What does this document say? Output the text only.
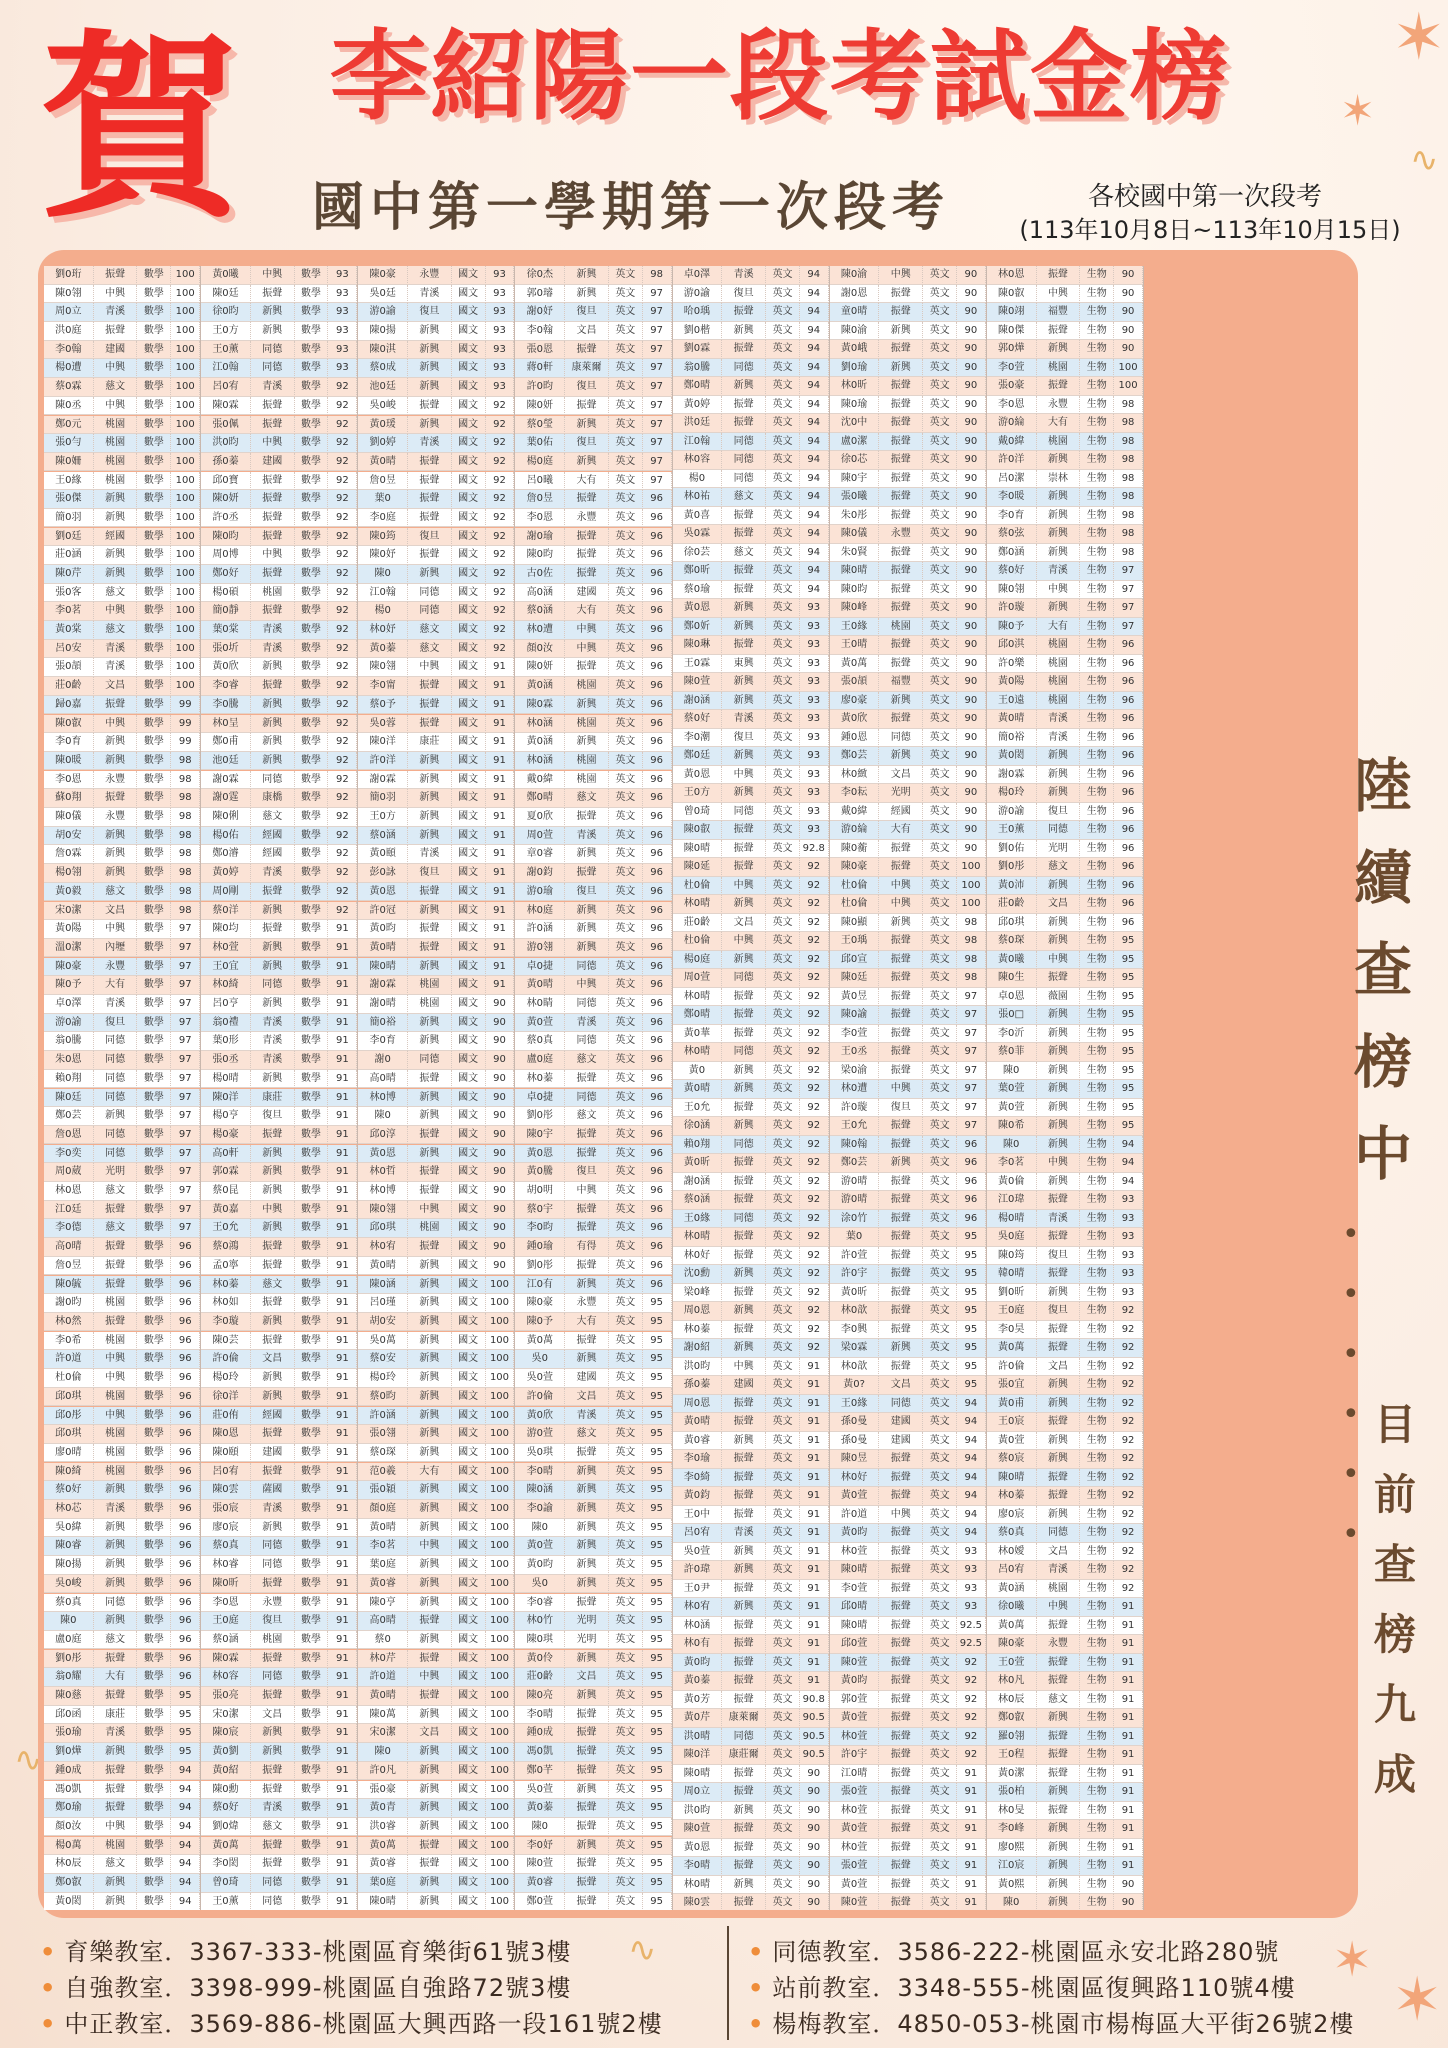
✶
✶
∿
∿
✶
✶
∿
賀 李紹陽一段考試金榜
國中第一學期第一次段考	各校國中第一次段考
(113年10月8日~113年10月15日)
劉0珩	振聲	數學	100
陳0翎	中興	數學	100
周0立	青溪	數學	100
洪0庭	振聲	數學	100
李0翰	建國	數學	100
楊0遭	中興	數學	100
蔡0霖	慈文	數學	100
陳0丞	中興	數學	100
鄭0元	桃園	數學	100
張0勻	桃園	數學	100
陳0姍	桃園	數學	100
王0緣	桃園	數學	100
張0傑	新興	數學	100
簡0羽	新興	數學	100
劉0廷	經國	數學	100
莊0涵	新興	數學	100
陳0芹	新興	數學	100
張0客	慈文	數學	100
李0茗	中興	數學	100
黃0棠	慈文	數學	100
呂0安	青溪	數學	100
張0頡	青溪	數學	100
莊0齡	文昌	數學	100
歸0嘉	振聲	數學	99
陳0叡	中興	數學	99
李0育	新興	數學	99
陳0暖	新興	數學	98
李0恩	永豐	數學	98
蘇0翔	振聲	數學	98
陳0儀	永豐	數學	98
胡0安	新興	數學	98
詹0霖	新興	數學	98
楊0翎	新興	數學	98
黃0毅	慈文	數學	98
宋0潔	文昌	數學	98
黃0陽	中興	數學	97
溫0潔	內壢	數學	97
陳0豪	永豐	數學	97
陳0予	大有	數學	97
卓0澤	青溪	數學	97
游0諭	復旦	數學	97
翁0騰	同德	數學	97
朱0恩	同德	數學	97
賴0翔	同德	數學	97
陳0廷	同德	數學	97
鄭0芸	新興	數學	97
詹0恩	同德	數學	97
李0奕	同德	數學	97
周0葳	光明	數學	97
林0恩	慈文	數學	97
江0廷	振聲	數學	97
李0德	慈文	數學	97
高0晴	振聲	數學	96
詹0昱	振聲	數學	96
陳0毓	振聲	數學	96
謝0昀	桃園	數學	96
林0然	振聲	數學	96
李0希	桃園	數學	96
許0道	中興	數學	96
杜0倫	中興	數學	96
邱0琪	桃園	數學	96
邱0彤	中興	數學	96
邱0琪	桃園	數學	96
廖0晴	桃園	數學	96
陳0綺	桃園	數學	96
蔡0好	新興	數學	96
林0芯	青溪	數學	96
吳0緯	新興	數學	96
陳0睿	新興	數學	96
陳0揚	新興	數學	96
吳0峻	新興	數學	96
蔡0真	同德	數學	96
陳0	新興	數學	96
盧0庭	慈文	數學	96
劉0彤	振聲	數學	96
翁0耀	大有	數學	96
陳0慈	振聲	數學	95
邱0函	康莊	數學	95
張0瑜	青溪	數學	95
劉0燁	新興	數學	95
鍾0成	振聲	數學	94
馮0凱	振聲	數學	94
鄭0瑜	振聲	數學	94
顏0汝	中興	數學	94
楊0萬	桃園	數學	94
林0辰	慈文	數學	94
鄭0叡	新興	數學	94
黃0閎	新興	數學	94
黃0曦	中興	數學	93
陳0廷	振聲	數學	93
徐0昀	新興	數學	93
王0方	新興	數學	93
王0薰	同德	數學	93
江0翰	同德	數學	93
呂0宥	青溪	數學	92
陳0霖	振聲	數學	92
張0佩	振聲	數學	92
洪0昀	中興	數學	92
孫0蓁	建國	數學	92
邱0寶	振聲	數學	92
陳0妍	振聲	數學	92
許0丞	振聲	數學	92
陳0昀	振聲	數學	92
周0博	中興	數學	92
鄭0好	振聲	數學	92
楊0碩	桃園	數學	92
簡0靜	振聲	數學	92
葉0棠	青溪	數學	92
張0圻	青溪	數學	92
黃0欣	新興	數學	92
李0睿	振聲	數學	92
李0騰	新興	數學	92
林0呈	新興	數學	92
鄭0甫	新興	數學	92
池0廷	新興	數學	92
謝0霖	同德	數學	92
謝0霆	康橋	數學	92
陳0俐	慈文	數學	92
楊0佑	經國	數學	92
鄭0濬	經國	數學	92
黃0婷	青溪	數學	92
周0剛	振聲	數學	92
蔡0洋	新興	數學	92
陳0均	振聲	數學	91
林0萱	新興	數學	91
王0宜	新興	數學	91
林0綺	同德	數學	91
呂0亨	新興	數學	91
翁0禮	青溪	數學	91
葉0形	青溪	數學	91
張0丞	青溪	數學	91
楊0晴	新興	數學	91
陳0洋	康莊	數學	91
楊0亨	復旦	數學	91
楊0豪	振聲	數學	91
高0軒	新興	數學	91
郭0霖	新興	數學	91
蔡0昆	新興	數學	91
黃0嘉	中興	數學	91
王0允	新興	數學	91
蔡0鴻	振聲	數學	91
孟0寧	振聲	數學	91
林0蓁	慈文	數學	91
林0如	振聲	數學	91
李0璇	新興	數學	91
陳0芸	振聲	數學	91
許0倫	文昌	數學	91
楊0玲	新興	數學	91
徐0洋	新興	數學	91
莊0侑	經國	數學	91
陳0恩	振聲	數學	91
陳0頤	建國	數學	91
呂0宥	振聲	數學	91
陳0雲	薩國	數學	91
張0宸	青溪	數學	91
廖0宸	新興	數學	91
蔡0真	同德	數學	91
林0睿	同德	數學	91
陳0昕	振聲	數學	91
李0恩	永豐	數學	91
王0庭	復旦	數學	91
蔡0涵	桃園	數學	91
陳0霖	振聲	數學	91
林0容	同德	數學	91
張0亮	振聲	數學	91
宋0潔	文昌	數學	91
陳0宸	新興	數學	91
黃0劉	新興	數學	91
黃0紹	振聲	數學	91
陳0勳	振聲	數學	91
蔡0好	青溪	數學	91
劉0煒	慈文	數學	91
黃0萬	振聲	數學	91
李0閎	振聲	數學	91
曾0琦	同德	數學	91
王0薰	同德	數學	91
陳0豪	永豐	國文	93
吳0廷	青溪	國文	93
游0諭	復旦	國文	93
陳0揚	新興	國文	93
陳0淇	新興	國文	93
蔡0成	新興	國文	93
池0廷	新興	國文	93
吳0峻	振聲	國文	92
黃0瑗	新興	國文	92
劉0婷	青溪	國文	92
黃0晴	振聲	國文	92
詹0昱	振聲	國文	92
葉0	振聲	國文	92
李0庭	振聲	國文	92
陳0筠	復旦	國文	92
陳0妤	振聲	國文	92
陳0	新興	國文	92
江0翰	同德	國文	92
楊0	同德	國文	92
林0妤	慈文	國文	92
黃0蓁	慈文	國文	92
陳0翎	中興	國文	91
李0甯	振聲	國文	91
蔡0予	振聲	國文	91
吳0蓉	振聲	國文	91
陳0洋	康莊	國文	91
許0洋	新興	國文	91
謝0霖	新興	國文	91
簡0羽	新興	國文	91
王0方	新興	國文	91
蔡0涵	新興	國文	91
黃0頤	青溪	國文	91
彭0詠	復旦	國文	91
黃0恩	振聲	國文	91
許0冠	新興	國文	91
黃0昀	振聲	國文	91
黃0晴	振聲	國文	91
陳0晴	新興	國文	91
謝0霖	桃園	國文	91
謝0晴	桃園	國文	90
簡0裕	新興	國文	90
李0育	新興	國文	90
謝0	同德	國文	90
高0晴	振聲	國文	90
林0博	新興	國文	90
陳0	新興	國文	90
邱0淳	振聲	國文	90
黃0恩	新興	國文	90
林0哲	振聲	國文	90
林0博	振聲	國文	90
陳0翎	中興	國文	90
邱0琪	桃園	國文	90
林0宥	振聲	國文	90
黃0晴	新興	國文	90
陳0涵	新興	國文	100
呂0瑾	新興	國文	100
胡0安	新興	國文	100
吳0萬	新興	國文	100
蔡0安	新興	國文	100
楊0玲	新興	國文	100
蔡0昀	新興	國文	100
許0涵	新興	國文	100
張0翎	新興	國文	100
蔡0琛	新興	國文	100
范0羲	大有	國文	100
張0穎	新興	國文	100
顏0庭	新興	國文	100
黃0晴	新興	國文	100
李0茗	中興	國文	100
葉0庭	新興	國文	100
黃0睿	新興	國文	100
陳0亨	新興	國文	100
高0晴	振聲	國文	100
蔡0	新興	國文	100
林0芹	振聲	國文	100
許0道	中興	國文	100
黃0晴	振聲	國文	100
陳0萬	新興	國文	100
宋0潔	文昌	國文	100
陳0	新興	國文	100
許0凡	新興	國文	100
張0豪	新興	國文	100
黃0青	新興	國文	100
洪0睿	新興	國文	100
黃0萬	振聲	國文	100
黃0睿	振聲	國文	100
葉0庭	新興	國文	100
陳0晴	新興	國文	100
徐0杰	新興	英文	98
郭0璿	新興	英文	97
謝0妤	復旦	英文	97
李0翰	文昌	英文	97
張0恩	振聲	英文	97
蔣0軒	康萊爾	英文	97
許0昀	復旦	英文	97
陳0妍	振聲	英文	97
蔡0瑩	新興	英文	97
葉0佑	復旦	英文	97
楊0庭	新興	英文	97
呂0曦	大有	英文	97
詹0昱	振聲	英文	96
李0恩	永豐	英文	96
謝0瑜	振聲	英文	96
陳0昀	振聲	英文	96
古0佐	振聲	英文	96
高0涵	建國	英文	96
蔡0涵	大有	英文	96
林0遭	中興	英文	96
顏0汝	中興	英文	96
陳0妍	振聲	英文	96
黃0涵	桃園	英文	96
陳0霖	新興	英文	96
林0涵	桃園	英文	96
黃0涵	新興	英文	96
林0涵	桃園	英文	96
戴0緯	桃園	英文	96
鄭0晴	慈文	英文	96
夏0欣	振聲	英文	96
周0萱	青溪	英文	96
章0睿	新興	英文	96
謝0鈞	振聲	英文	96
游0瑜	復旦	英文	96
林0庭	新興	英文	96
許0涵	新興	英文	96
游0翎	新興	英文	96
卓0捷	同德	英文	96
黃0晴	中興	英文	96
林0睛	同德	英文	96
黃0萱	青溪	英文	96
蔡0真	同德	英文	96
盧0庭	慈文	英文	96
林0蓁	振聲	英文	96
卓0捷	同德	英文	96
劉0彤	慈文	英文	96
陳0宇	振聲	英文	96
黃0恩	振聲	英文	96
黃0騰	復旦	英文	96
胡0明	中興	英文	96
蔡0宇	振聲	英文	96
李0昀	振聲	英文	96
鍾0瑜	有得	英文	96
劉0彤	振聲	英文	96
江0有	新興	英文	96
陳0豪	永豐	英文	95
陳0予	大有	英文	95
黃0萬	振聲	英文	95
吳0	新興	英文	95
吳0萱	建國	英文	95
許0倫	文昌	英文	95
黃0欣	青溪	英文	95
游0萱	慈文	英文	95
吳0琪	振聲	英文	95
李0晴	新興	英文	95
陳0涵	新興	英文	95
李0諭	新興	英文	95
陳0	新興	英文	95
黃0萱	新興	英文	95
黃0昀	新興	英文	95
吳0	新興	英文	95
李0睿	振聲	英文	95
林0竹	光明	英文	95
陳0琪	光明	英文	95
黃0伶	新興	英文	95
莊0齡	文昌	英文	95
陳0亮	新興	英文	95
李0晴	振聲	英文	95
鍾0成	振聲	英文	95
馮0凱	振聲	英文	95
鄭0芊	振聲	英文	95
吳0萱	新興	英文	95
黃0蓁	振聲	英文	95
陳0	振聲	英文	95
李0妤	新興	英文	95
陳0萱	振聲	英文	95
黃0睿	振聲	英文	95
鄭0萱	振聲	英文	95
卓0澤	青溪	英文	94
游0諭	復旦	英文	94
哈0瑀	振聲	英文	94
劉0楷	新興	英文	94
劉0霖	振聲	英文	94
翁0騰	同德	英文	94
鄭0晴	新興	英文	94
黃0婷	振聲	英文	94
洪0廷	振聲	英文	94
江0翰	同德	英文	94
林0容	同德	英文	94
楊0	同德	英文	94
林0祐	慈文	英文	94
黃0喜	振聲	英文	94
吳0霖	振聲	英文	94
徐0芸	慈文	英文	94
鄭0昕	振聲	英文	94
蔡0瑜	振聲	英文	94
黃0恩	新興	英文	93
鄭0妡	新興	英文	93
陳0琳	振聲	英文	93
王0霖	東興	英文	93
陳0萱	新興	英文	93
謝0涵	新興	英文	93
蔡0好	青溪	英文	93
李0潮	復旦	英文	93
鄭0廷	新興	英文	93
黃0恩	中興	英文	93
王0方	新興	英文	93
曾0琦	同德	英文	93
陳0叡	振聲	英文	93
陳0晴	振聲	英文	92.8
陳0延	振聲	英文	92
杜0倫	中興	英文	92
林0晴	新興	英文	92
莊0齡	文昌	英文	92
杜0倫	中興	英文	92
楊0庭	新興	英文	92
周0萱	同德	英文	92
林0晴	振聲	英文	92
鄭0晴	振聲	英文	92
黃0華	振聲	英文	92
林0晴	同德	英文	92
黃0	新興	英文	92
黃0晴	新興	英文	92
王0允	振聲	英文	92
徐0涵	新興	英文	92
賴0翔	同德	英文	92
黃0昕	振聲	英文	92
謝0涵	振聲	英文	92
蔡0涵	振聲	英文	92
王0緣	同德	英文	92
林0晴	振聲	英文	92
林0好	振聲	英文	92
沈0勳	新興	英文	92
梁0峰	振聲	英文	92
周0恩	新興	英文	92
林0蓁	振聲	英文	92
謝0紹	新興	英文	92
洪0昀	中興	英文	91
孫0蓁	建國	英文	91
周0恩	振聲	英文	91
黃0晴	振聲	英文	91
黃0睿	新興	英文	91
李0瑜	振聲	英文	91
李0綺	振聲	英文	91
黃0鈞	振聲	英文	91
王0中	振聲	英文	91
呂0宥	青溪	英文	91
吳0萱	新興	英文	91
許0瑋	新興	英文	91
王0尹	振聲	英文	91
林0宥	新興	英文	91
林0涵	振聲	英文	91
林0有	振聲	英文	91
黃0昀	振聲	英文	91
黃0蓁	振聲	英文	91
黃0芳	振聲	英文	90.8
黃0芹	康萊爾	英文	90.5
洪0晴	同德	英文	90.5
陳0洋	康莊爾	英文	90.5
陳0晴	振聲	英文	90
周0立	振聲	英文	90
洪0昀	新興	英文	90
陳0萱	振聲	英文	90
黃0恩	振聲	英文	90
李0晴	振聲	英文	90
林0晴	新興	英文	90
陳0雲	振聲	英文	90
陳0渝	中興	英文	90
謝0恩	振聲	英文	90
童0晴	振聲	英文	90
陳0渝	新興	英文	90
黃0峨	振聲	英文	90
劉0瑜	新興	英文	90
林0昕	振聲	英文	90
陳0瑜	振聲	英文	90
沈0中	振聲	英文	90
盧0潔	振聲	英文	90
徐0芯	振聲	英文	90
陳0宇	振聲	英文	90
張0曦	振聲	英文	90
朱0彤	振聲	英文	90
陳0儀	永豐	英文	90
朱0賢	振聲	英文	90
陳0晴	振聲	英文	90
陳0昀	振聲	英文	90
陳0峰	振聲	英文	90
王0緣	桃園	英文	90
王0晴	振聲	英文	90
黃0萬	振聲	英文	90
張0頡	福豐	英文	90
廖0豪	新興	英文	90
黃0欣	振聲	英文	90
鍾0恩	同德	英文	90
鄭0芸	新興	英文	90
林0緻	文昌	英文	90
李0耘	光明	英文	90
戴0緯	經國	英文	90
游0綸	大有	英文	90
陳0蘅	振聲	英文	90
陳0豪	振聲	英文	100
杜0倫	中興	英文	100
杜0倫	中興	英文	100
陳0顯	新興	英文	98
王0瑀	振聲	英文	98
邱0宣	振聲	英文	98
陳0廷	振聲	英文	98
黃0昱	振聲	英文	97
陳0諭	振聲	英文	97
李0萱	振聲	英文	97
王0丞	振聲	英文	97
梁0渝	振聲	英文	97
林0遭	中興	英文	97
許0璇	復旦	英文	97
王0允	振聲	英文	97
陳0翰	振聲	英文	96
鄭0芸	新興	英文	96
游0晴	振聲	英文	96
游0晴	振聲	英文	96
涂0竹	振聲	英文	96
葉0	振聲	英文	95
許0萱	振聲	英文	95
許0宇	振聲	英文	95
黃0昕	振聲	英文	95
林0歆	振聲	英文	95
李0興	振聲	英文	95
梁0霖	新興	英文	95
林0歆	振聲	英文	95
黃0?	文昌	英文	95
王0緣	同德	英文	94
孫0曼	建國	英文	94
孫0曼	建國	英文	94
陳0昱	振聲	英文	94
林0好	振聲	英文	94
黃0萱	振聲	英文	94
許0道	中興	英文	94
黃0昀	振聲	英文	94
林0萱	振聲	英文	93
陳0晴	振聲	英文	93
李0萱	振聲	英文	93
邱0晴	振聲	英文	93
陳0晴	振聲	英文	92.5
邱0萱	振聲	英文	92.5
陳0萱	振聲	英文	92
黃0昀	振聲	英文	92
郭0萱	振聲	英文	92
黃0萱	振聲	英文	92
林0萱	振聲	英文	92
許0宇	振聲	英文	92
江0晴	振聲	英文	91
張0萱	振聲	英文	91
林0萱	振聲	英文	91
黃0萱	振聲	英文	91
林0萱	振聲	英文	91
張0萱	振聲	英文	91
黃0萱	振聲	英文	91
陳0萱	振聲	英文	91
林0恩	振聲	生物	90
陳0叡	中興	生物	90
陳0翊	福豐	生物	90
陳0傑	振聲	生物	90
郭0燁	新興	生物	90
李0萱	桃園	生物	100
張0豪	振聲	生物	100
李0恩	永豐	生物	98
游0綸	大有	生物	98
戴0緯	桃園	生物	98
許0洋	新興	生物	98
呂0潔	崇林	生物	98
李0暖	新興	生物	98
李0育	新興	生物	98
蔡0弦	新興	生物	98
鄭0涵	新興	生物	98
蔡0好	青溪	生物	97
陳0翎	中興	生物	97
許0璇	新興	生物	97
陳0予	大有	生物	97
邱0淇	桃園	生物	96
許0樂	桃園	生物	96
黃0陽	桃園	生物	96
王0遠	桃園	生物	96
黃0晴	青溪	生物	96
簡0裕	青溪	生物	96
黃0閎	新興	生物	96
謝0霖	新興	生物	96
楊0玲	新興	生物	96
游0諭	復旦	生物	96
王0薰	同德	生物	96
劉0佑	光明	生物	96
劉0彤	慈文	生物	96
黃0沛	新興	生物	96
莊0齡	文昌	生物	96
邱0琪	新興	生物	96
蔡0琛	新興	生物	95
黃0曦	中興	生物	95
陳0生	振聲	生物	95
卓0恩	薇園	生物	95
張0□	新興	生物	95
李0沂	新興	生物	95
蔡0菲	新興	生物	95
陳0	新興	生物	95
葉0萱	新興	生物	95
黃0萱	新興	生物	95
陳0希	新興	生物	95
陳0	新興	生物	94
李0茗	中興	生物	94
黃0倫	新興	生物	94
江0瑋	振聲	生物	93
楊0晴	青溪	生物	93
吳0庭	振聲	生物	93
陳0筠	復旦	生物	93
韓0晴	振聲	生物	93
劉0昕	新興	生物	93
王0庭	復旦	生物	92
李0昊	振聲	生物	92
黃0萬	振聲	生物	92
許0倫	文昌	生物	92
張0宜	新興	生物	92
黃0甫	新興	生物	92
王0宸	振聲	生物	92
黃0萱	新興	生物	92
蔡0宸	新興	生物	92
陳0晴	振聲	生物	92
林0蓁	振聲	生物	92
廖0宸	新興	生物	92
蔡0真	同德	生物	92
林0嬡	文昌	生物	92
呂0宥	青溪	生物	92
黃0涵	桃園	生物	92
徐0曦	中興	生物	91
黃0萬	振聲	生物	91
陳0豪	永豐	生物	91
王0萱	振聲	生物	91
林0凡	振聲	生物	91
林0辰	慈文	生物	91
鄭0叡	新興	生物	91
羅0翎	振聲	生物	91
王0程	振聲	生物	91
黃0潔	振聲	生物	91
張0柏	新興	生物	91
林0旻	振聲	生物	91
李0峰	新興	生物	91
廖0熙	新興	生物	91
江0宸	新興	生物	91
黃0熙	新興	生物	90
陳0	新興	生物	90
陸
續
查
榜
中
目
前
查
榜
九
成
•

•

•

•

•

•
• 育樂教室．3367-333-桃園區育樂街61號3樓
• 自強教室．3398-999-桃園區自強路72號3樓
• 中正教室．3569-886-桃園區大興西路一段161號2樓
• 同德教室．3586-222-桃園區永安北路280號
• 站前教室．3348-555-桃園區復興路110號4樓
• 楊梅教室．4850-053-桃園市楊梅區大平街26號2樓
